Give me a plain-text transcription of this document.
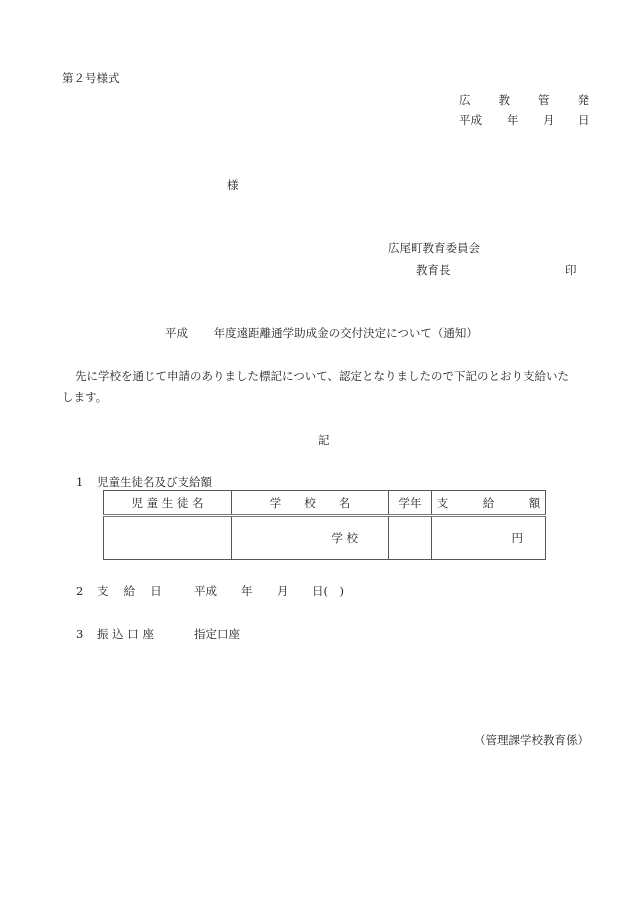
第２号様式
広 教 管 発
平成 年 月 日
様
広尾町教育委員会
教育長	印
平成 年度遠距離通学助成金の交付決定について（通知）
先に学校を通じて申請のありました標記について、認定となりましたので下記のとおり支給いた
します。
記
1 児童生徒名及び支給額
児 童 生 徒 名	学　　校　　名	学年	支　　　給　　　額
	学 校		円
2 支　 給　 日	平成 年 月 日(　)
3 振 込 口 座	指定口座
（管理課学校教育係）
